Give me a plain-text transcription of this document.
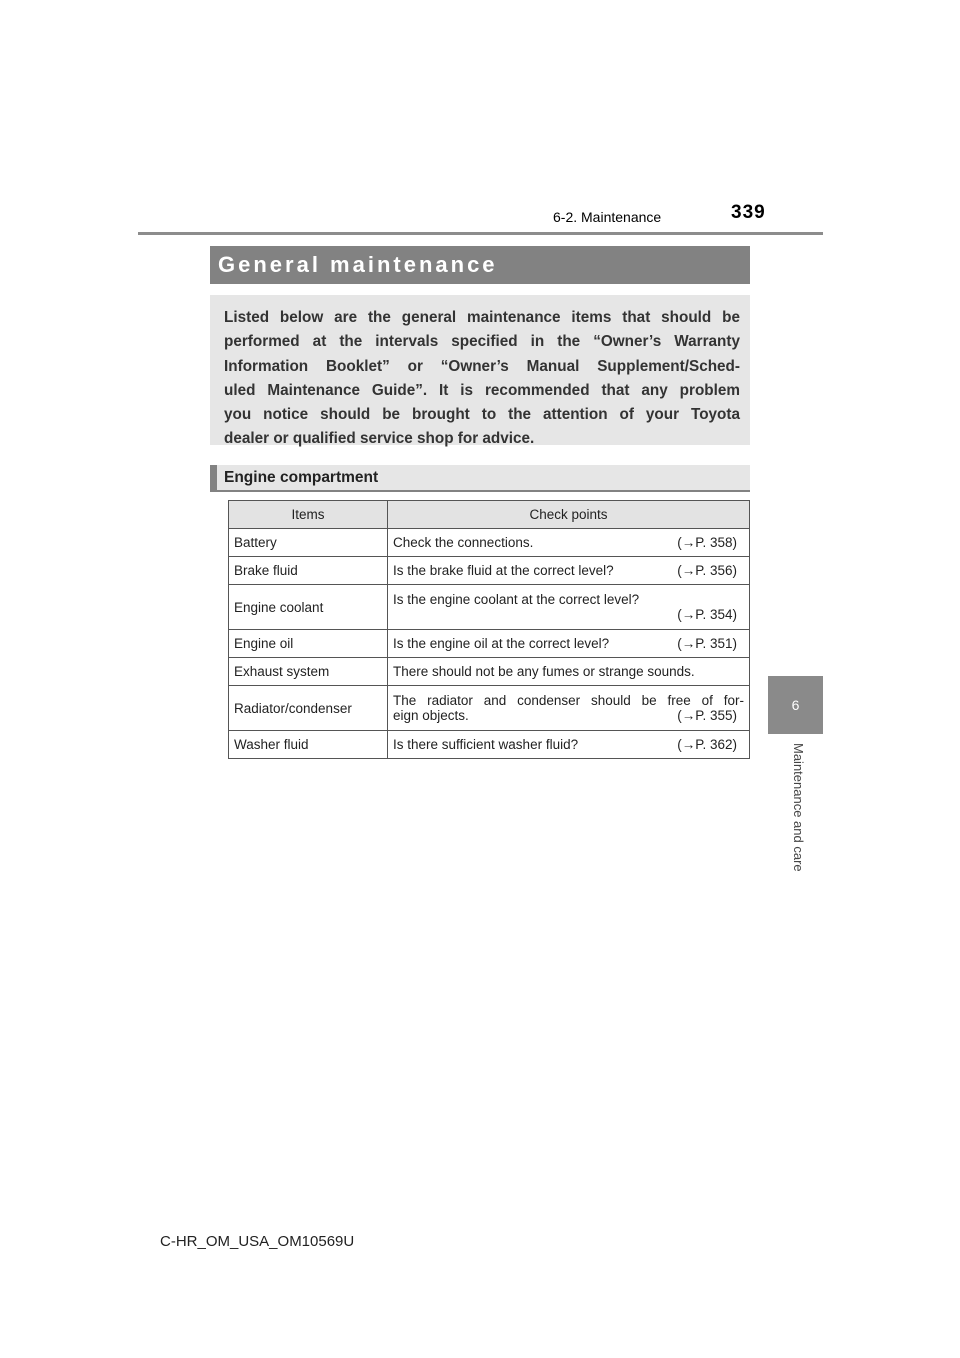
339
6-2. Maintenance
6
Maintenance and care
General maintenance
Listed below are the general maintenance items that should be
performed at the intervals specified in the “Owner’s Warranty
Information Booklet” or “Owner’s Manual Supplement/Sched-
uled Maintenance Guide”. It is recommended that any problem
you notice should be brought to the attention of your Toyota
dealer or qualified service shop for advice.
Engine compartment
Items	Check points
Battery	Check the connections. (→P. 358)

Brake fluid	Is the brake fluid at the correct level? (→P. 356)

Engine coolant	Is the engine coolant at the correct level?
(→P. 354)

Engine oil	Is the engine oil at the correct level? (→P. 351)

Exhaust system	There should not be any fumes or strange sounds.
Radiator/condenser	The radiator and condenser should be free of for-
eign objects. (→P. 355)

Washer fluid	Is there sufficient washer fluid? (→P. 362)
C-HR_OM_USA_OM10569U
